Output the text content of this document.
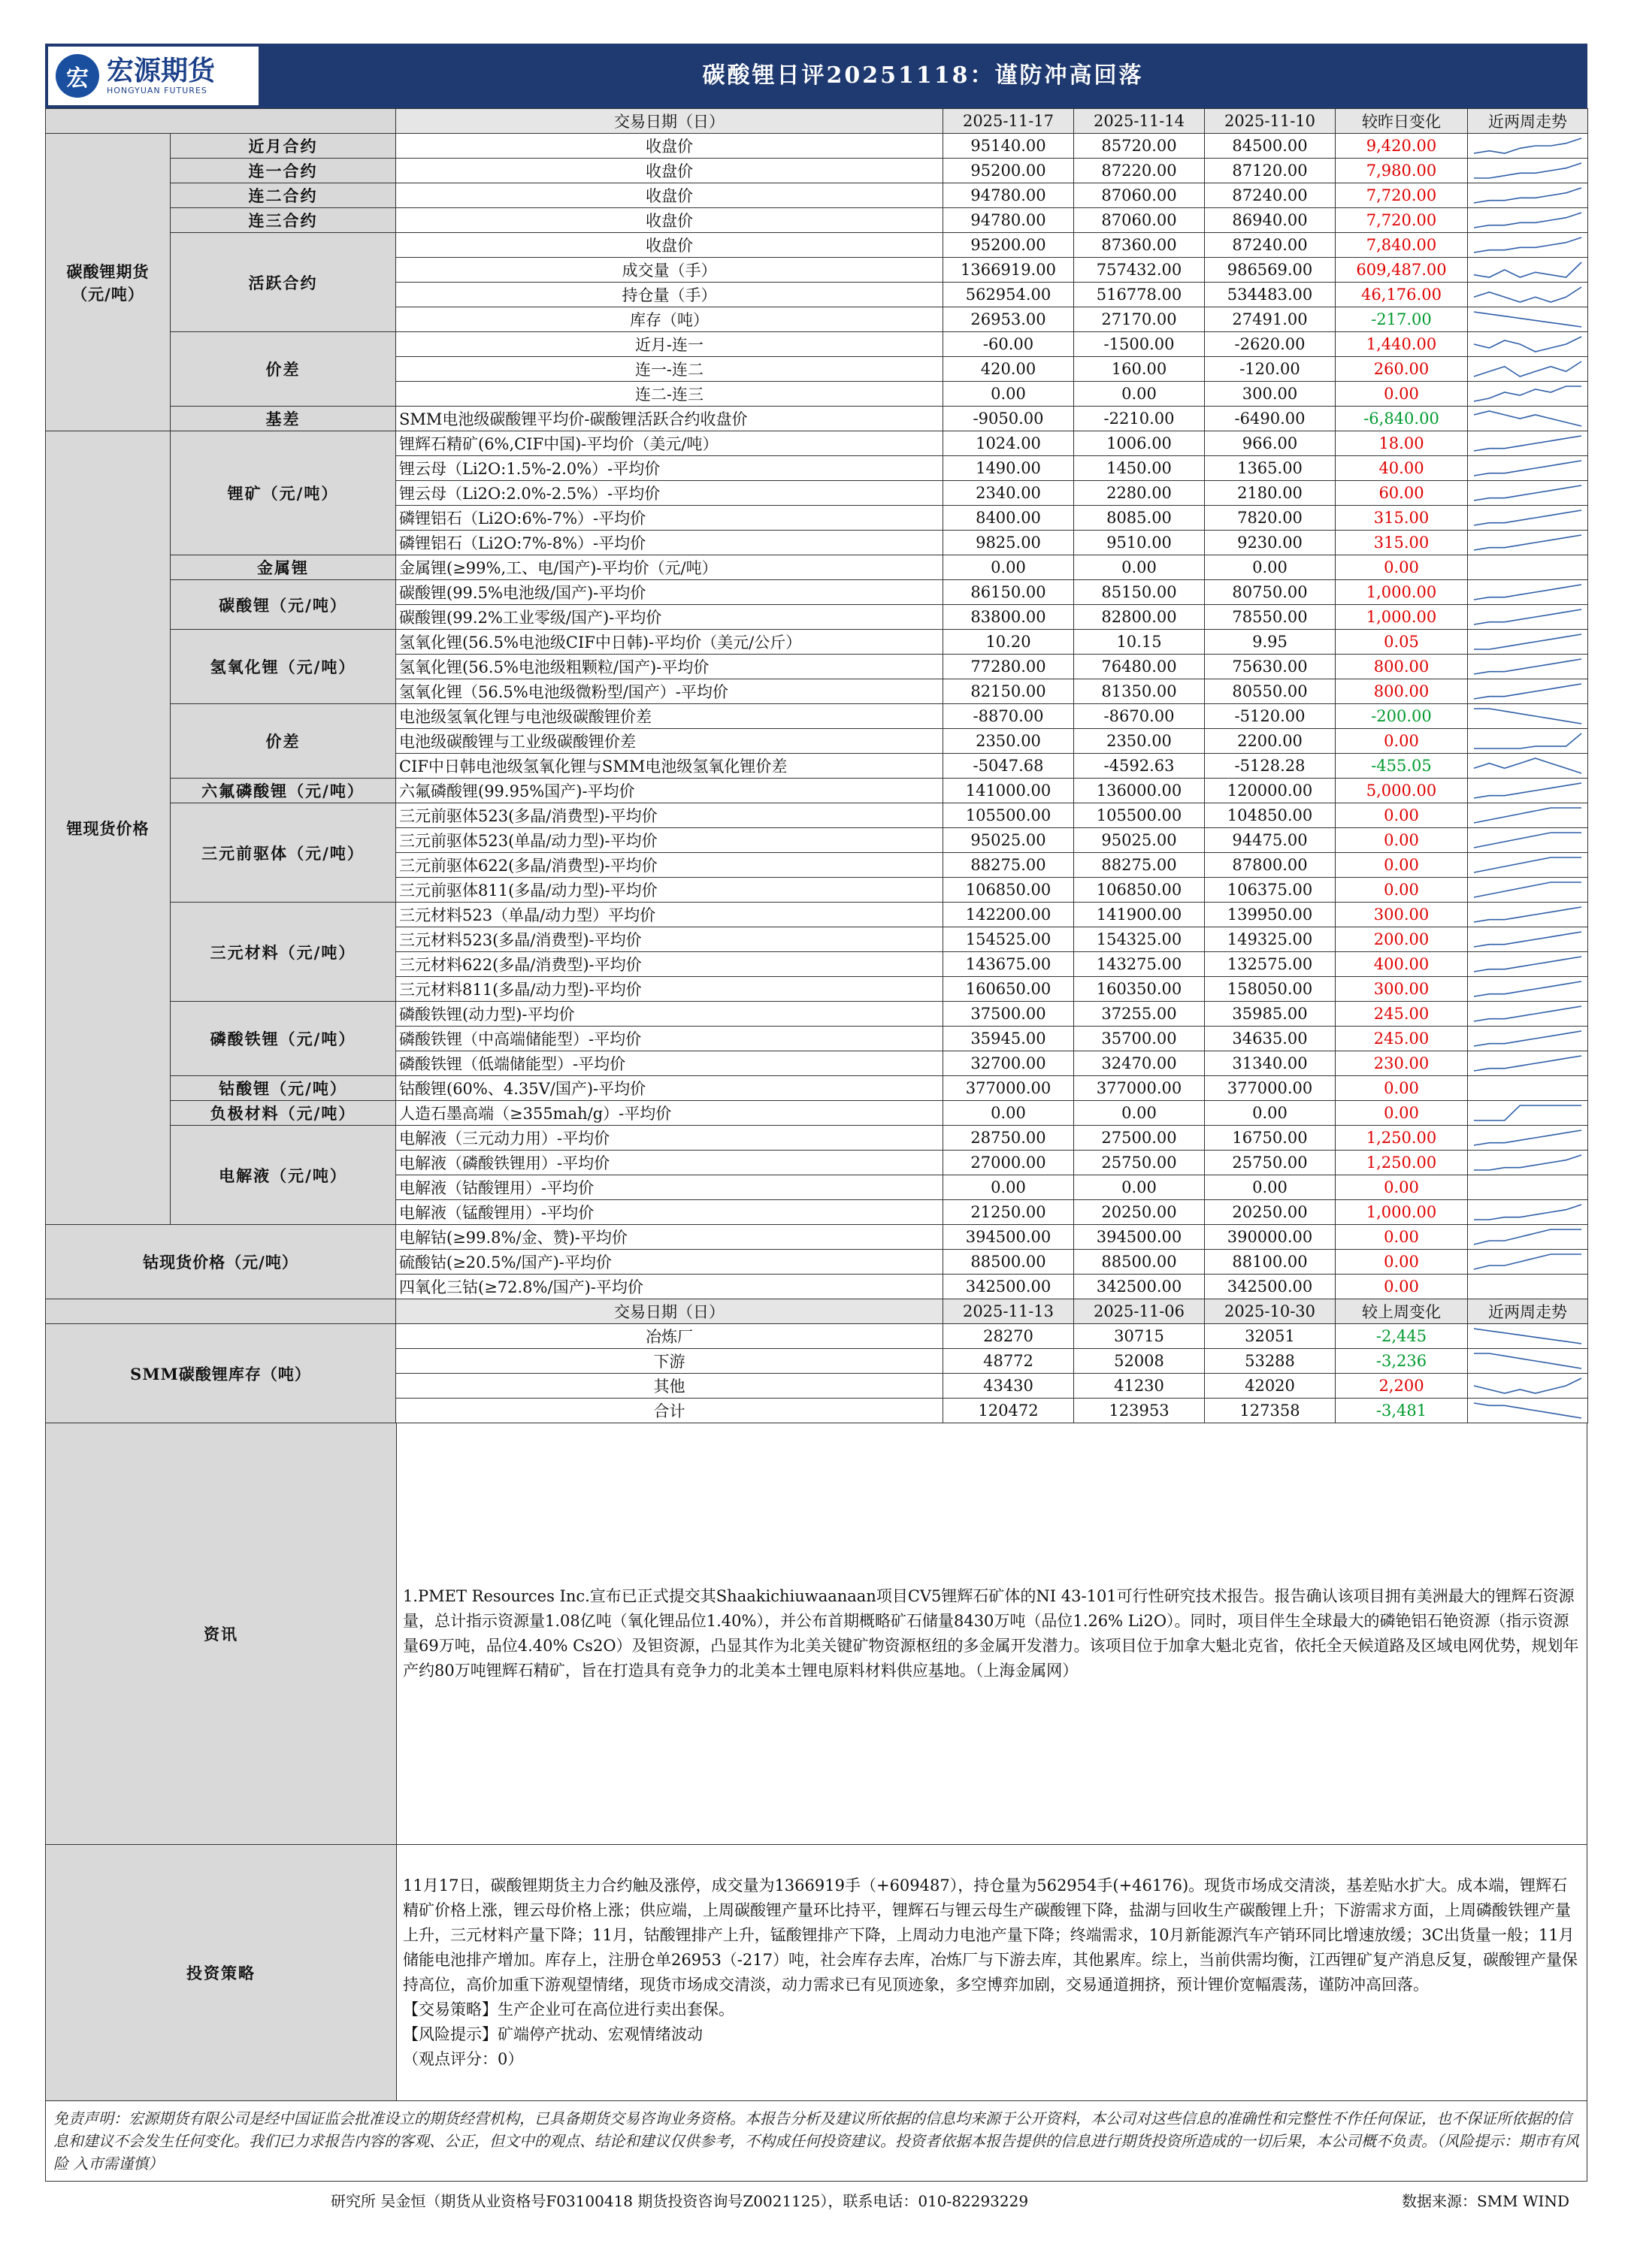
宏 宏源期货
HONGYUAN FUTURES
碳酸锂日评20251118：谨防冲高回落
		交易日期（日）	2025-11-17	2025-11-14	2025-11-10	较昨日变化	近两周走势
碳酸锂期货（元/吨）	近月合约	收盘价	95140.00	85720.00	84500.00	9,420.00	

	连一合约	收盘价	95200.00	87220.00	87120.00	7,980.00	

	连二合约	收盘价	94780.00	87060.00	87240.00	7,720.00	

	连三合约	收盘价	94780.00	87060.00	86940.00	7,720.00	

	活跃合约	收盘价	95200.00	87360.00	87240.00	7,840.00	

		成交量（手）	1366919.00	757432.00	986569.00	609,487.00	

		持仓量（手）	562954.00	516778.00	534483.00	46,176.00	

		库存（吨）	26953.00	27170.00	27491.00	-217.00	

	价差	近月-连一	-60.00	-1500.00	-2620.00	1,440.00	

		连一-连二	420.00	160.00	-120.00	260.00	

		连二-连三	0.00	0.00	300.00	0.00	

	基差	SMM电池级碳酸锂平均价-碳酸锂活跃合约收盘价	-9050.00	-2210.00	-6490.00	-6,840.00	

锂现货价格	锂矿（元/吨）	锂辉石精矿(6%,CIF中国)-平均价（美元/吨）	1024.00	1006.00	966.00	18.00	

		锂云母（Li2O:1.5%-2.0%）-平均价	1490.00	1450.00	1365.00	40.00	

		锂云母（Li2O:2.0%-2.5%）-平均价	2340.00	2280.00	2180.00	60.00	

		磷锂铝石（Li2O:6%-7%）-平均价	8400.00	8085.00	7820.00	315.00	

		磷锂铝石（Li2O:7%-8%）-平均价	9825.00	9510.00	9230.00	315.00	

	金属锂	金属锂(≥99%,工、电/国产)-平均价（元/吨）	0.00	0.00	0.00	0.00	

	碳酸锂（元/吨）	碳酸锂(99.5%电池级/国产)-平均价	86150.00	85150.00	80750.00	1,000.00	

		碳酸锂(99.2%工业零级/国产)-平均价	83800.00	82800.00	78550.00	1,000.00	

	氢氧化锂（元/吨）	氢氧化锂(56.5%电池级CIF中日韩)-平均价（美元/公斤）	10.20	10.15	9.95	0.05	

		氢氧化锂(56.5%电池级粗颗粒/国产)-平均价	77280.00	76480.00	75630.00	800.00	

		氢氧化锂（56.5%电池级微粉型/国产）-平均价	82150.00	81350.00	80550.00	800.00	

	价差	电池级氢氧化锂与电池级碳酸锂价差	-8870.00	-8670.00	-5120.00	-200.00	

		电池级碳酸锂与工业级碳酸锂价差	2350.00	2350.00	2200.00	0.00	

		CIF中日韩电池级氢氧化锂与SMM电池级氢氧化锂价差	-5047.68	-4592.63	-5128.28	-455.05	

	六氟磷酸锂（元/吨）	六氟磷酸锂(99.95%国产)-平均价	141000.00	136000.00	120000.00	5,000.00	

	三元前驱体（元/吨）	三元前驱体523(多晶/消费型)-平均价	105500.00	105500.00	104850.00	0.00	

		三元前驱体523(单晶/动力型)-平均价	95025.00	95025.00	94475.00	0.00	

		三元前驱体622(多晶/消费型)-平均价	88275.00	88275.00	87800.00	0.00	

		三元前驱体811(多晶/动力型)-平均价	106850.00	106850.00	106375.00	0.00	

	三元材料（元/吨）	三元材料523（单晶/动力型）平均价	142200.00	141900.00	139950.00	300.00	

		三元材料523(多晶/消费型)-平均价	154525.00	154325.00	149325.00	200.00	

		三元材料622(多晶/消费型)-平均价	143675.00	143275.00	132575.00	400.00	

		三元材料811(多晶/动力型)-平均价	160650.00	160350.00	158050.00	300.00	

	磷酸铁锂（元/吨）	磷酸铁锂(动力型)-平均价	37500.00	37255.00	35985.00	245.00	

		磷酸铁锂（中高端储能型）-平均价	35945.00	35700.00	34635.00	245.00	

		磷酸铁锂（低端储能型）-平均价	32700.00	32470.00	31340.00	230.00	

	钴酸锂（元/吨）	钴酸锂(60%、4.35V/国产)-平均价	377000.00	377000.00	377000.00	0.00	

	负极材料（元/吨）	人造石墨高端（≥355mah/g）-平均价	0.00	0.00	0.00	0.00	

	电解液（元/吨）	电解液（三元动力用）-平均价	28750.00	27500.00	16750.00	1,250.00	

		电解液（磷酸铁锂用）-平均价	27000.00	25750.00	25750.00	1,250.00	

		电解液（钴酸锂用）-平均价	0.00	0.00	0.00	0.00	

		电解液（锰酸锂用）-平均价	21250.00	20250.00	20250.00	1,000.00	

钴现货价格（元/吨）		电解钴(≥99.8%/金、赞)-平均价	394500.00	394500.00	390000.00	0.00	

		硫酸钴(≥20.5%/国产)-平均价	88500.00	88500.00	88100.00	0.00	

		四氧化三钴(≥72.8%/国产)-平均价	342500.00	342500.00	342500.00	0.00	

		交易日期（日）	2025-11-13	2025-11-06	2025-10-30	较上周变化	近两周走势
SMM碳酸锂库存（吨）		冶炼厂	28270	30715	32051	-2,445	

		下游	48772	52008	53288	-3,236	

		其他	43430	41230	42020	2,200	

		合计	120472	123953	127358	-3,481	
资讯

1.PMET Resources Inc.宣布已正式提交其Shaakichiuwaanaan项目CV5锂辉石矿体的NI 43-101可行性研究技术报告。报告确认该项目拥有美洲最大的锂辉石资源量，总计指示资源量1.08亿吨（氧化锂品位1.40%），并公布首期概略矿石储量8430万吨（品位1.26% Li2O）。同时，项目伴生全球最大的磷铯铝石铯资源（指示资源量69万吨，品位4.40% Cs2O）及钽资源，凸显其作为北美关键矿物资源枢纽的多金属开发潜力。该项目位于加拿大魁北克省，依托全天候道路及区域电网优势，规划年产约80万吨锂辉石精矿，旨在打造具有竞争力的北美本土锂电原料材料供应基地。（上海金属网）

投资策略

11月17日，碳酸锂期货主力合约触及涨停，成交量为1366919手（+609487），持仓量为562954手(+46176)。现货市场成交清淡，基差贴水扩大。成本端，锂辉石精矿价格上涨，锂云母价格上涨；供应端，上周碳酸锂产量环比持平，锂辉石与锂云母生产碳酸锂下降，盐湖与回收生产碳酸锂上升；下游需求方面，上周磷酸铁锂产量上升，三元材料产量下降；11月，钴酸锂排产上升，锰酸锂排产下降，上周动力电池产量下降；终端需求，10月新能源汽车产销环同比增速放缓；3C出货量一般；11月储能电池排产增加。库存上，注册仓单26953（-217）吨，社会库存去库，冶炼厂与下游去库，其他累库。综上，当前供需均衡，江西锂矿复产消息反复，碳酸锂产量保持高位，高价加重下游观望情绪，现货市场成交清淡，动力需求已有见顶迹象，多空博弈加剧，交易通道拥挤，预计锂价宽幅震荡，谨防冲高回落。

【交易策略】生产企业可在高位进行卖出套保。

【风险提示】矿端停产扰动、宏观情绪波动

（观点评分：0）

免责声明：宏源期货有限公司是经中国证监会批准设立的期货经营机构，已具备期货交易咨询业务资格。本报告分析及建议所依据的信息均来源于公开资料，本公司对这些信息的准确性和完整性不作任何保证，也不保证所依据的信息和建议不会发生任何变化。我们已力求报告内容的客观、公正，但文中的观点、结论和建议仅供参考，不构成任何投资建议。投资者依据本报告提供的信息进行期货投资所造成的一切后果，本公司概不负责。（风险提示：期市有风险 入市需谨慎）
研究所 吴金恒（期货从业资格号F03100418 期货投资咨询号Z0021125），联系电话：010-82293229	数据来源：SMM WIND
